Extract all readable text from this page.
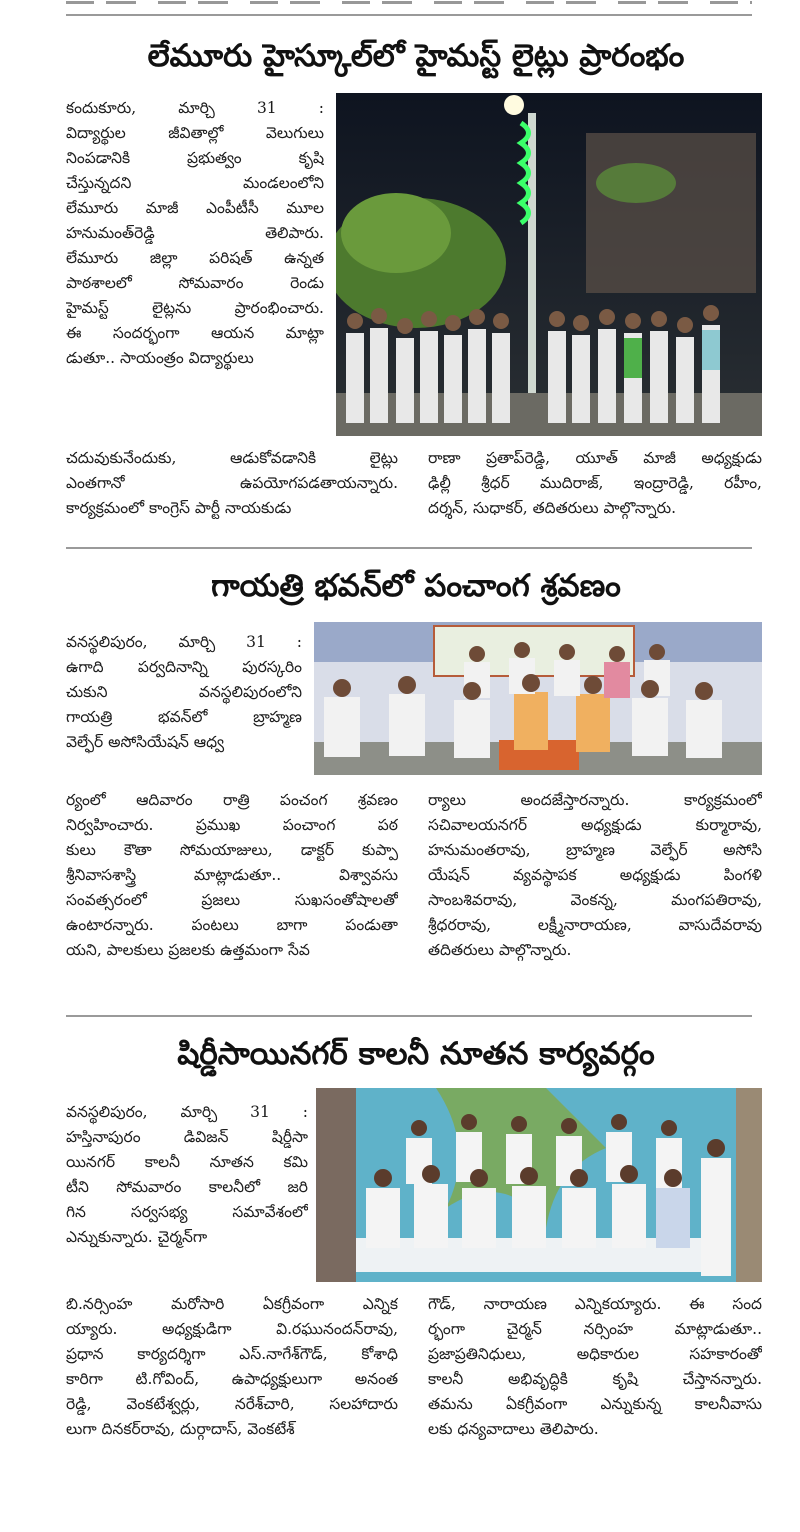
లేమూరు హైస్కూల్‌లో హైమస్ట్ లైట్లు ప్రారంభం
కందుకూరు, మార్చి 31 :
విద్యార్థుల జీవితాల్లో వెలుగులు
నింపడానికి ప్రభుత్వం కృషి
చేస్తున్నదని మండలంలోని
లేమూరు మాజీ ఎంపీటీసీ మూల
హనుమంత్‌రెడ్డి తెలిపారు.
లేమూరు జిల్లా పరిషత్ ఉన్నత
పాఠశాలలో సోమవారం రెండు
హైమస్ట్ లైట్లను ప్రారంభించారు.
ఈ సందర్భంగా ఆయన మాట్లా
డుతూ.. సాయంత్రం విద్యార్థులు
చదువుకునేందుకు, ఆడుకోవడానికి లైట్లు
ఎంతగానో ఉపయోగపడతాయన్నారు.
కార్యక్రమంలో కాంగ్రెస్ పార్టీ నాయకుడు
రాణా ప్రతాప్‌రెడ్డి, యూత్ మాజీ అధ్యక్షుడు
ఢిల్లీ శ్రీధర్ ముదిరాజ్, ఇంద్రారెడ్డి, రహీం,
దర్శన్, సుధాకర్, తదితరులు పాల్గొన్నారు.
గాయత్రి భవన్‌లో పంచాంగ శ్రవణం
వనస్థలిపురం, మార్చి 31 :
ఉగాది పర్వదినాన్ని పురస్కరిం
చుకుని వనస్థలిపురంలోని
గాయత్రి భవన్‌లో బ్రాహ్మణ
వెల్ఫేర్ అసోసియేషన్ ఆధ్వ
ర్యంలో ఆదివారం రాత్రి పంచంగ శ్రవణం
నిర్వహించారు. ప్రముఖ పంచాంగ పఠ
కులు కౌతా సోమయాజులు, డాక్టర్ కుప్పా
శ్రీనివాసశాస్త్రి మాట్లాడుతూ.. విశ్వావసు
సంవత్సరంలో ప్రజలు సుఖసంతోషాలతో
ఉంటారన్నారు. పంటలు బాగా పండుతా
యని, పాలకులు ప్రజలకు ఉత్తమంగా సేవ
ర్యాలు అందజేస్తారన్నారు. కార్యక్రమంలో
సచివాలయనగర్ అధ్యక్షుడు కుర్మారావు,
హనుమంతరావు, బ్రాహ్మణ వెల్ఫేర్ అసోసి
యేషన్ వ్యవస్థాపక అధ్యక్షుడు పింగళి
సాంబశివరావు, వెంకన్న, మంగపతిరావు,
శ్రీధరరావు, లక్ష్మీనారాయణ, వాసుదేవరావు
తదితరులు పాల్గొన్నారు.
షిర్డీసాయినగర్ కాలనీ నూతన కార్యవర్గం
వనస్థలిపురం, మార్చి 31 :
హస్తినాపురం డివిజన్ షిర్డీసా
యినగర్ కాలనీ నూతన కమి
టీని సోమవారం కాలనీలో జరి
గిన సర్వసభ్య సమావేశంలో
ఎన్నుకున్నారు. చైర్మన్‌గా
బి.నర్సింహ మరోసారి ఏకగ్రీవంగా ఎన్నిక
య్యారు. అధ్యక్షుడిగా వి.రఘునందన్‌రావు,
ప్రధాన కార్యదర్శిగా ఎస్.నాగేశ్‌గౌడ్, కోశాధి
కారిగా టి.గోవింద్, ఉపాధ్యక్షులుగా అనంత
రెడ్డి, వెంకటేశ్వర్లు, నరేశ్‌చారి, సలహాదారు
లుగా దినకర్‌రావు, దుర్గాదాస్, వెంకటేశ్
గౌడ్, నారాయణ ఎన్నికయ్యారు. ఈ సంద
ర్భంగా చైర్మన్ నర్సింహ మాట్లాడుతూ..
ప్రజాప్రతినిధులు, అధికారుల సహకారంతో
కాలనీ అభివృద్ధికి కృషి చేస్తానన్నారు.
తమను ఏకగ్రీవంగా ఎన్నుకున్న కాలనీవాసు
లకు ధన్యవాదాలు తెలిపారు.
